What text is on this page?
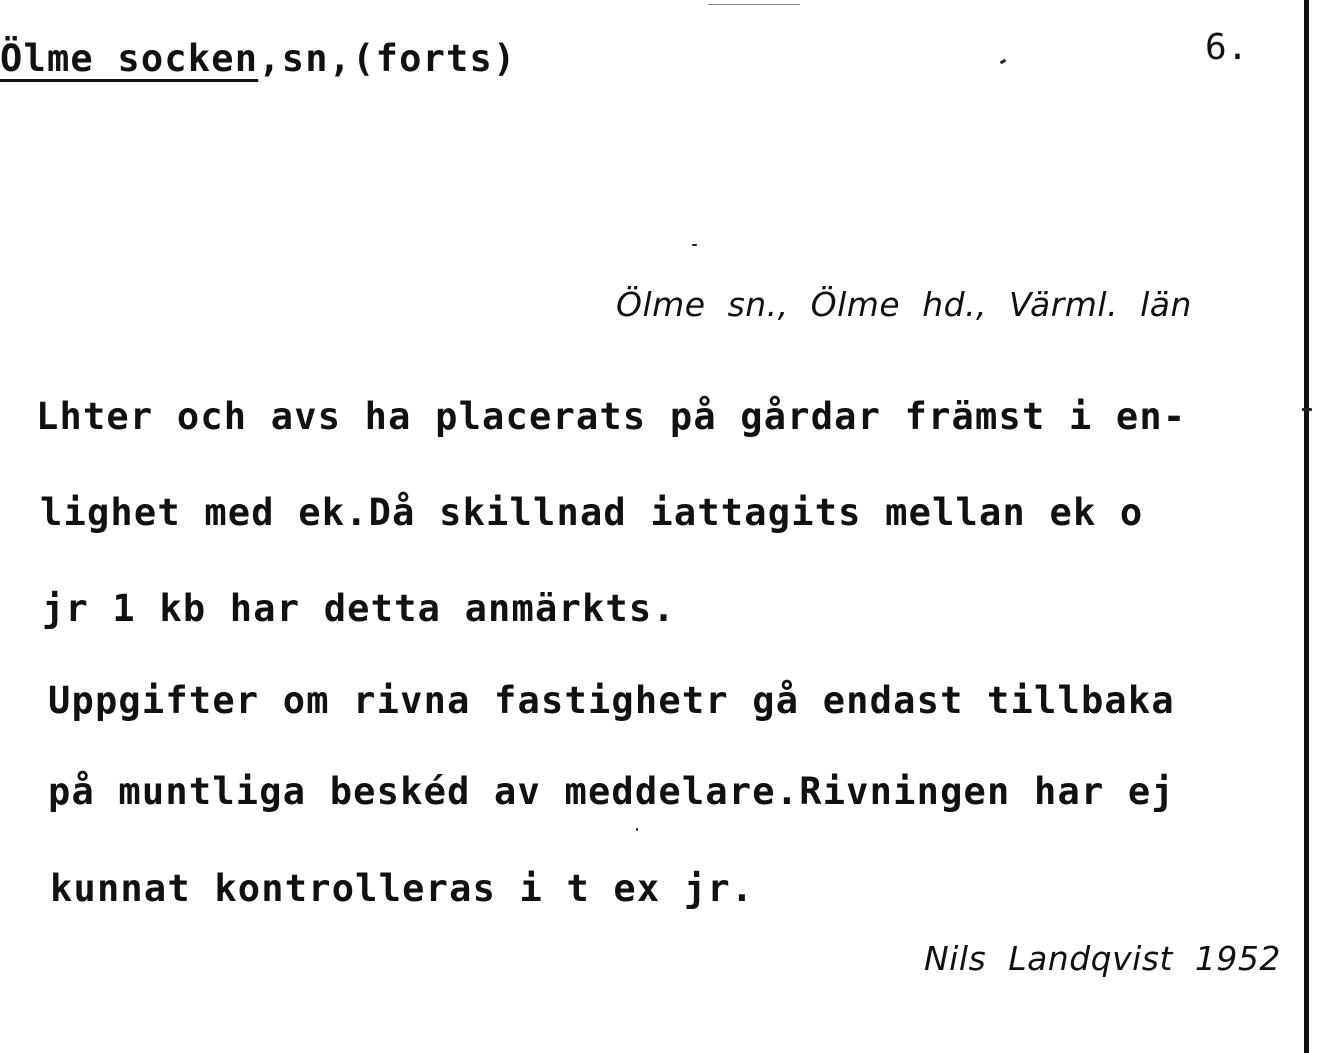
Ölme socken,sn,(forts)	6.
Ölme  sn.,  Ölme  hd.,  Värml.  län
Lhter och avs ha placerats på gårdar främst i en-
lighet med ek.Då skillnad iattagits mellan ek o
jr 1 kb har detta anmärkts.
Uppgifter om rivna fastighetr gå endast tillbaka
på muntliga beskéd av meddelare.Rivningen har ej
kunnat kontrolleras i t ex jr.
Nils  Landqvist  1952
